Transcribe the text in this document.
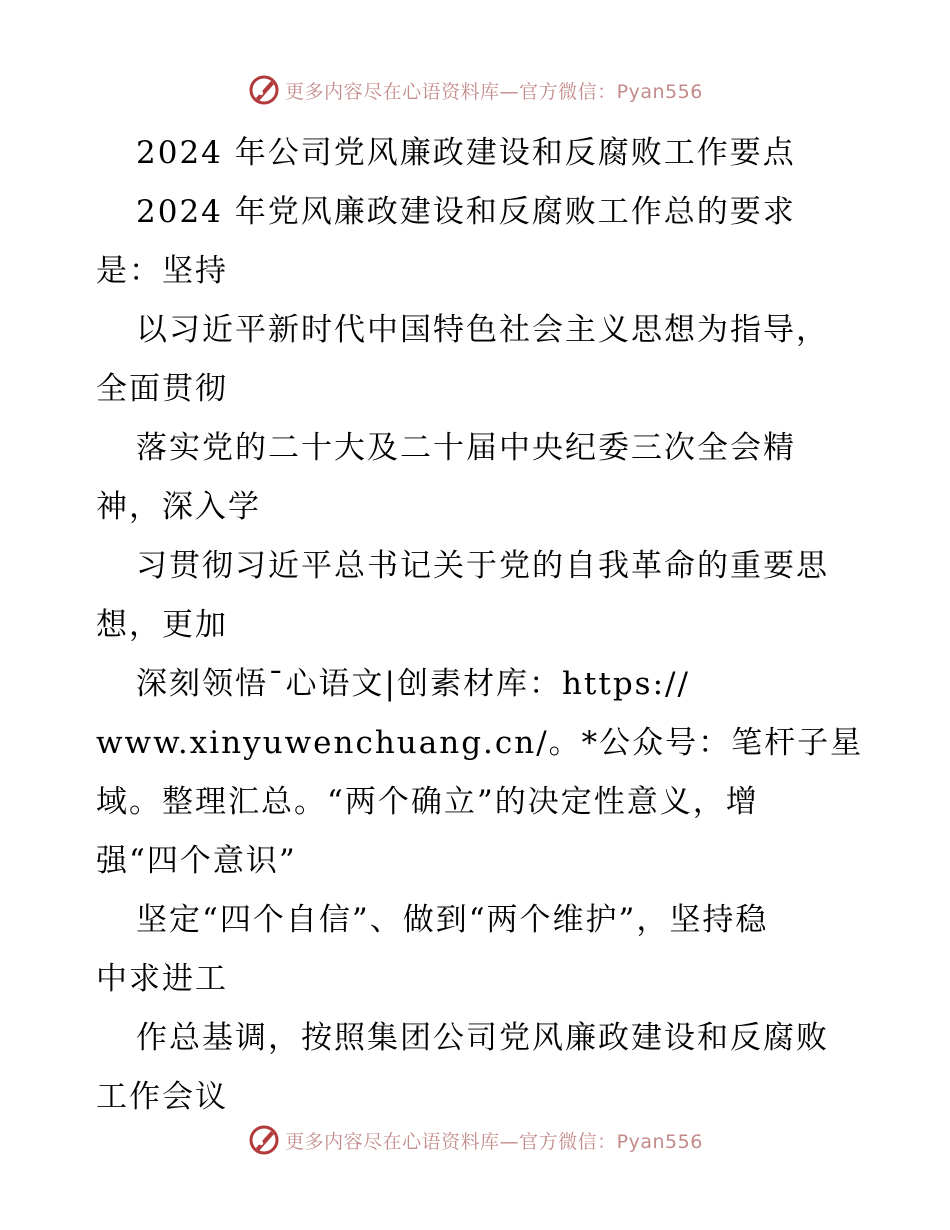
更多内容尽在心语资料库—官方微信：Pyan556
2024 年公司党风廉政建设和反腐败工作要点
2024 年党风廉政建设和反腐败工作总的要求
是：坚持
以习近平新时代中国特色社会主义思想为指导，
全面贯彻
落实党的二十大及二十届中央纪委三次全会精
神，深入学
习贯彻习近平总书记关于党的自我革命的重要思
想，更加
深刻领悟¯心语文|创素材库：https://
www.xinyuwenchuang.cn/。*公众号：笔杆子星
域。整理汇总。“两个确立”的决定性意义，增
强“四个意识”
坚定“四个自信”、做到“两个维护”，坚持稳
中求进工
作总基调，按照集团公司党风廉政建设和反腐败
工作会议
更多内容尽在心语资料库—官方微信：Pyan556
